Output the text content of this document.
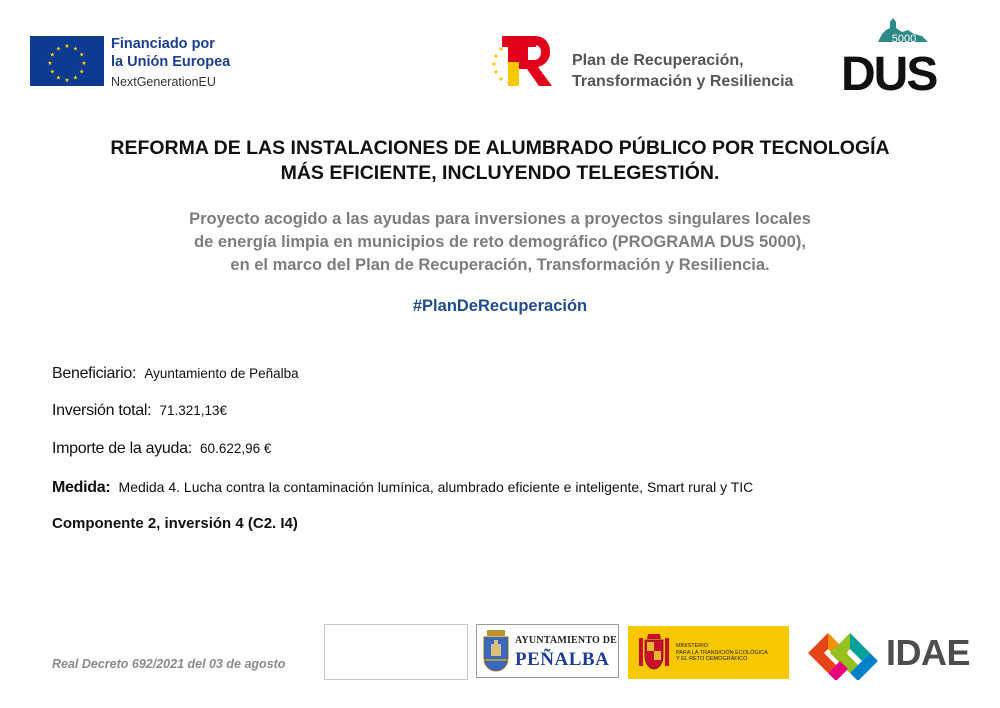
★ ★
★
★
★
★
★
★
★
★
★
★	Financiado por
la Unión Europea
NextGenerationEU
Plan de Recuperación,
Transformación y Resiliencia
5000
DUS
REFORMA DE LAS INSTALACIONES DE ALUMBRADO PÚBLICO POR TECNOLOGÍA
MÁS EFICIENTE, INCLUYENDO TELEGESTIÓN.
Proyecto acogido a las ayudas para inversiones a proyectos singulares locales
de energía limpia en municipios de reto demográfico (PROGRAMA DUS 5000),
en el marco del Plan de Recuperación, Transformación y Resiliencia.
#PlanDeRecuperación
Beneficiario: Ayuntamiento de Peñalba
Inversión total: 71.321,13€
Importe de la ayuda: 60.622,96 €
Medida: Medida 4. Lucha contra la contaminación lumínica, alumbrado eficiente e inteligente, Smart rural y TIC
Componente 2, inversión 4 (C2. I4)
Real Decreto 692/2021 del 03 de agosto
AYUNTAMIENTO DE
PEÑALBA
MINISTERIO
PARA LA TRANSICIÓN ECOLÓGICA
Y EL RETO DEMOGRÁFICO	IDAE
